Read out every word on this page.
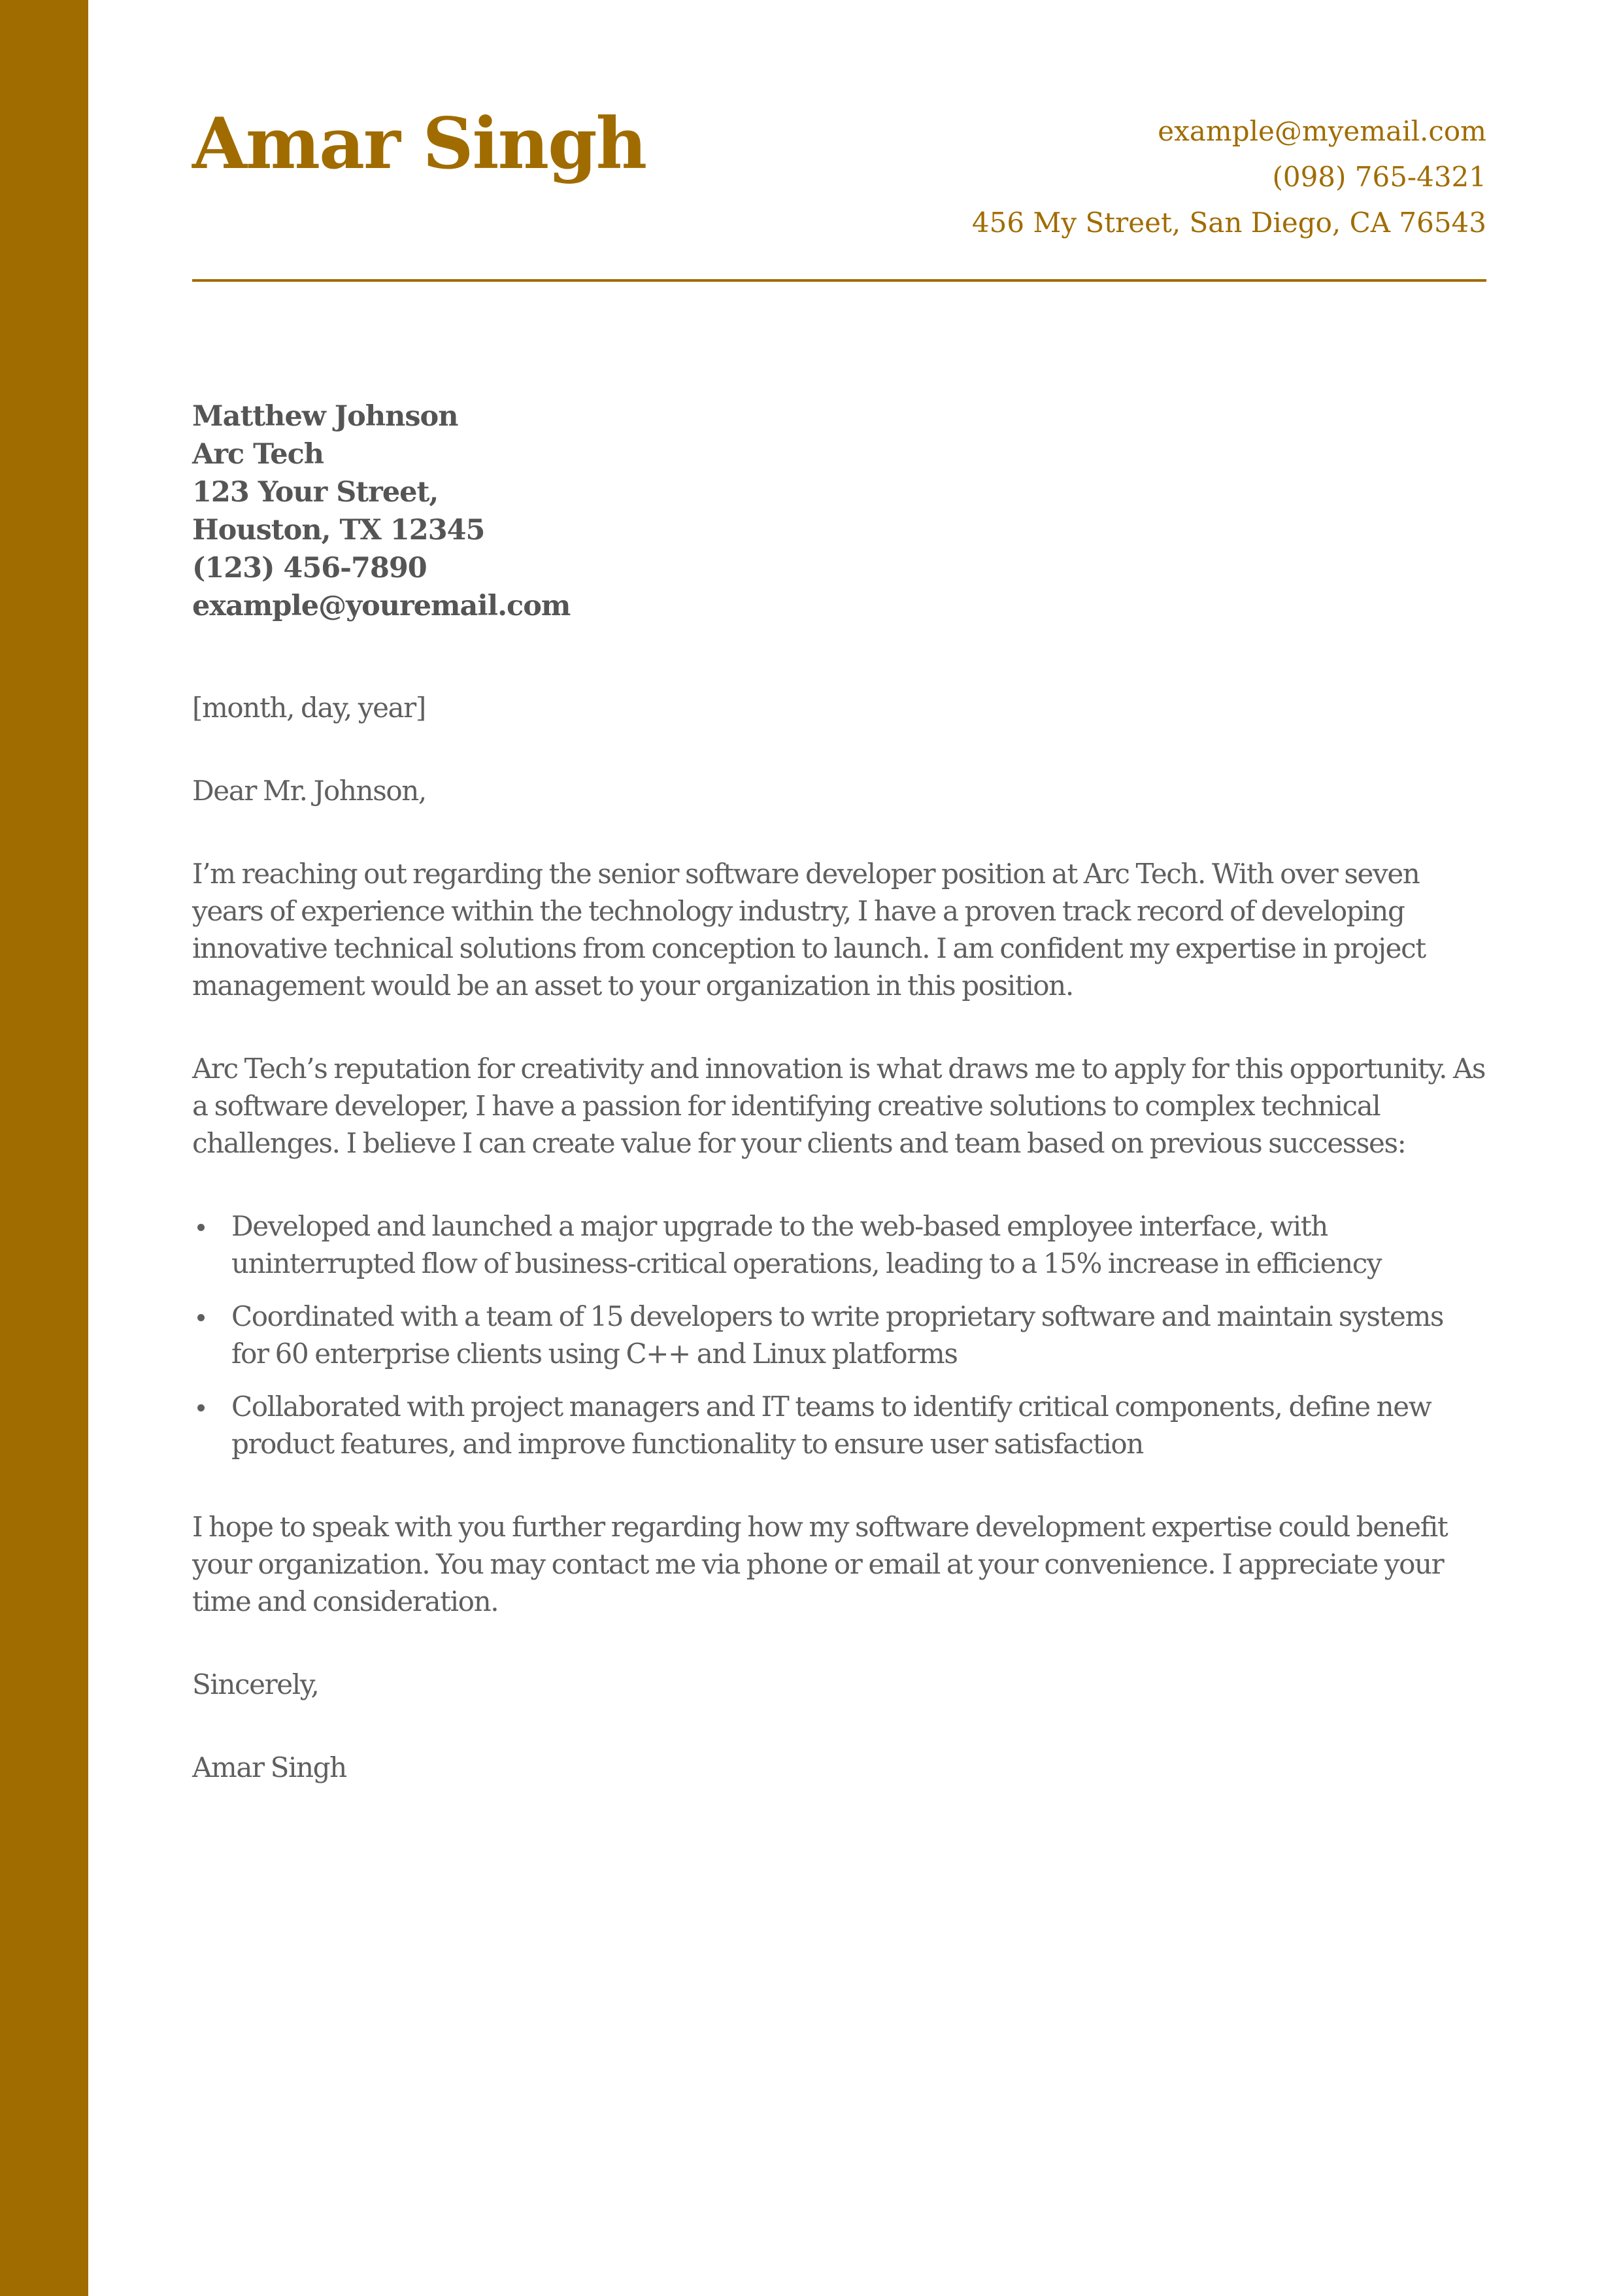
Amar Singh	example@myemail.com
(098) 765-4321
456 My Street, San Diego, CA 76543
Matthew Johnson
Arc Tech
123 Your Street,
Houston, TX 12345
(123) 456-7890
example@youremail.com

[month, day, year]

Dear Mr. Johnson,

I’m reaching out regarding the senior software developer position at Arc Tech. With over seven years of experience within the technology industry, I have a proven track record of developing innovative technical solutions from conception to launch. I am confident my expertise in project management would be an asset to your organization in this position.

Arc Tech’s reputation for creativity and innovation is what draws me to apply for this opportunity. As a software developer, I have a passion for identifying creative solutions to complex technical challenges. I believe I can create value for your clients and team based on previous successes:

Developed and launched a major upgrade to the web-based employee interface, with uninterrupted flow of business-critical operations, leading to a 15% increase in efficiency
Coordinated with a team of 15 developers to write proprietary software and maintain systems for 60 enterprise clients using C++ and Linux platforms
Collaborated with project managers and IT teams to identify critical components, define new product features, and improve functionality to ensure user satisfaction

I hope to speak with you further regarding how my software development expertise could benefit your organization. You may contact me via phone or email at your convenience. I appreciate your time and consideration.

Sincerely,

Amar Singh
